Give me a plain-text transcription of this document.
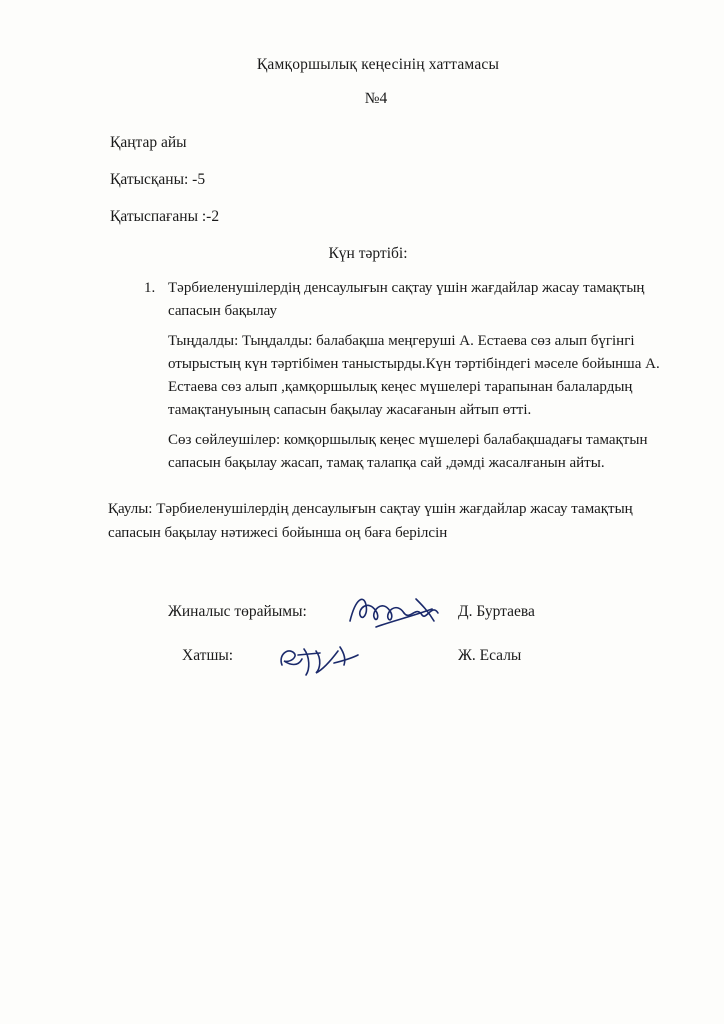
Қамқоршылық кеңесінің хаттамасы
№4
Қаңтар айы
Қатысқаны: -5
Қатыспағаны :-2
Күн тәртібі:
1. Тәрбиеленушілердің денсаулығын сақтау үшін жағдайлар жасау тамақтың сапасын бақылау

Тыңдалды: Тыңдалды: балабақша меңгеруші А. Естаева сөз алып бүгінгі отырыстың күн тәртібімен таныстырды.Күн тәртібіндегі мәселе бойынша А. Естаева сөз алып ,қамқоршылық кеңес мүшелері тарапынан балалардың тамақтануының сапасын бақылау жасағанын айтып өтті.

Сөз сөйлеушілер: комқоршылық кеңес мүшелері балабақшадағы тамақтын сапасын бақылау жасап, тамақ талапқа сай ,дәмді жасалғанын айты.

Қаулы: Тәрбиеленушілердің денсаулығын сақтау үшін жағдайлар жасау тамақтың сапасын бақылау нәтижесі бойынша оң баға берілсін

Жиналыс төрайымы:	Д. Буртаева
Хатшы:	Ж. Есалы
